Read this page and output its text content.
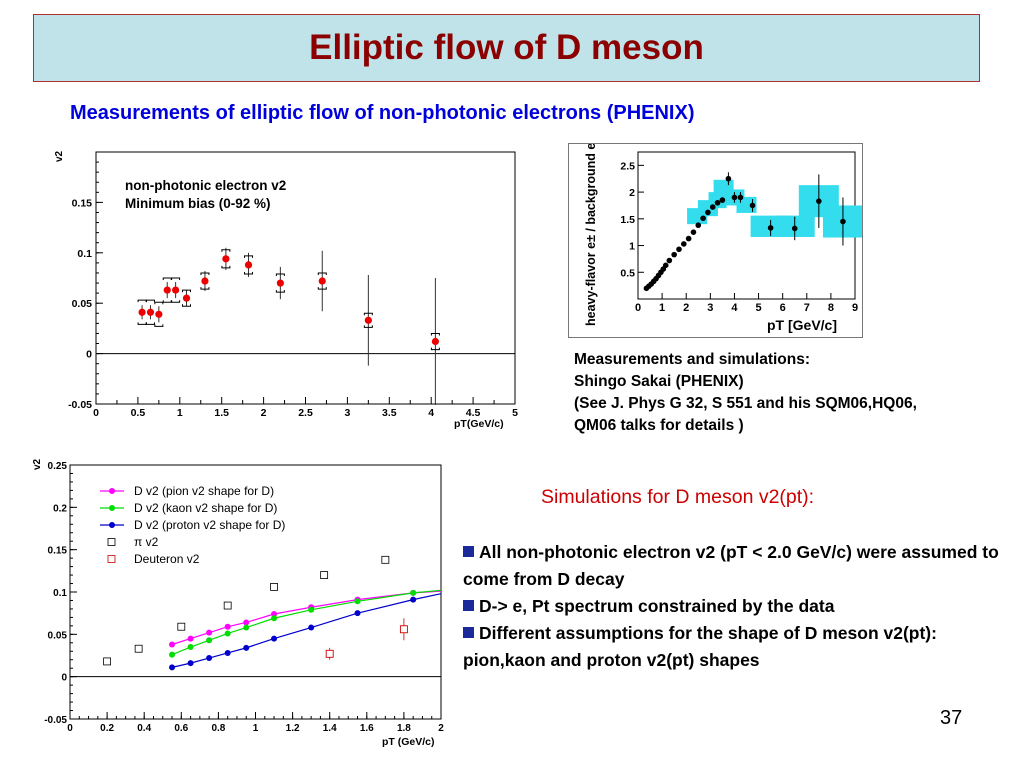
Elliptic flow of D meson
Measurements of elliptic flow of non-photonic electrons (PHENIX)
0	0.5	1	1.5	2	2.5	3	3.5	4	4.5	5
-0.05
0
0.05
0.1
0.15
non-photonic electron v2
Minimum bias (0-92 %)
v2
pT(GeV/c)
0 1 2 3 4 5 6 7 8 9
0.5
1
1.5
2
2.5
heavy-flavor e± / background e±	pT [GeV/c]
Measurements and simulations:
Shingo Sakai (PHENIX)
(See J. Phys G 32, S 551 and his SQM06,HQ06,
QM06 talks for details )
0	0.2 0.4 0.6 0.8	1	1.2 1.4 1.6 1.8	2
-0.05
0
0.05
0.1
0.15
0.2
0.25
D v2 (pion v2 shape for D)
D v2 (kaon v2 shape for D)
D v2 (proton v2 shape for D)
π v2
Deuteron v2
v2
pT (GeV/c)
Simulations for D meson v2(pt):

All non-photonic electron v2 (pT < 2.0 GeV/c) were assumed to come from D decay

D-> e, Pt spectrum constrained by the data

Different assumptions for the shape of D meson v2(pt): pion,kaon and proton v2(pt) shapes

37
